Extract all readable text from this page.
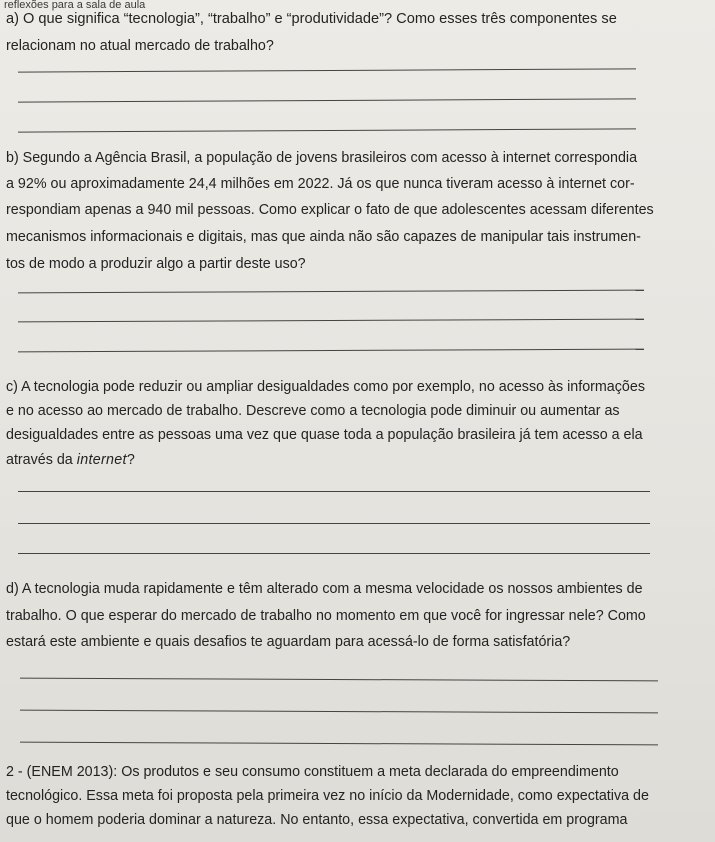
reflexões para a sala de aula
a) O que significa “tecnologia”, “trabalho” e “produtividade”? Como esses três componentes se
relacionam no atual mercado de trabalho?
b) Segundo a Agência Brasil, a população de jovens brasileiros com acesso à internet correspondia
a 92% ou aproximadamente 24,4 milhões em 2022. Já os que nunca tiveram acesso à internet cor-
respondiam apenas a 940 mil pessoas. Como explicar o fato de que adolescentes acessam diferentes
mecanismos informacionais e digitais, mas que ainda não são capazes de manipular tais instrumen-
tos de modo a produzir algo a partir deste uso?
c) A tecnologia pode reduzir ou ampliar desigualdades como por exemplo, no acesso às informações
e no acesso ao mercado de trabalho. Descreve como a tecnologia pode diminuir ou aumentar as
desigualdades entre as pessoas uma vez que quase toda a população brasileira já tem acesso a ela
através da internet?
d) A tecnologia muda rapidamente e têm alterado com a mesma velocidade os nossos ambientes de
trabalho. O que esperar do mercado de trabalho no momento em que você for ingressar nele? Como
estará este ambiente e quais desafios te aguardam para acessá-lo de forma satisfatória?
2 - (ENEM 2013): Os produtos e seu consumo constituem a meta declarada do empreendimento
tecnológico. Essa meta foi proposta pela primeira vez no início da Modernidade, como expectativa de
que o homem poderia dominar a natureza. No entanto, essa expectativa, convertida em programa
